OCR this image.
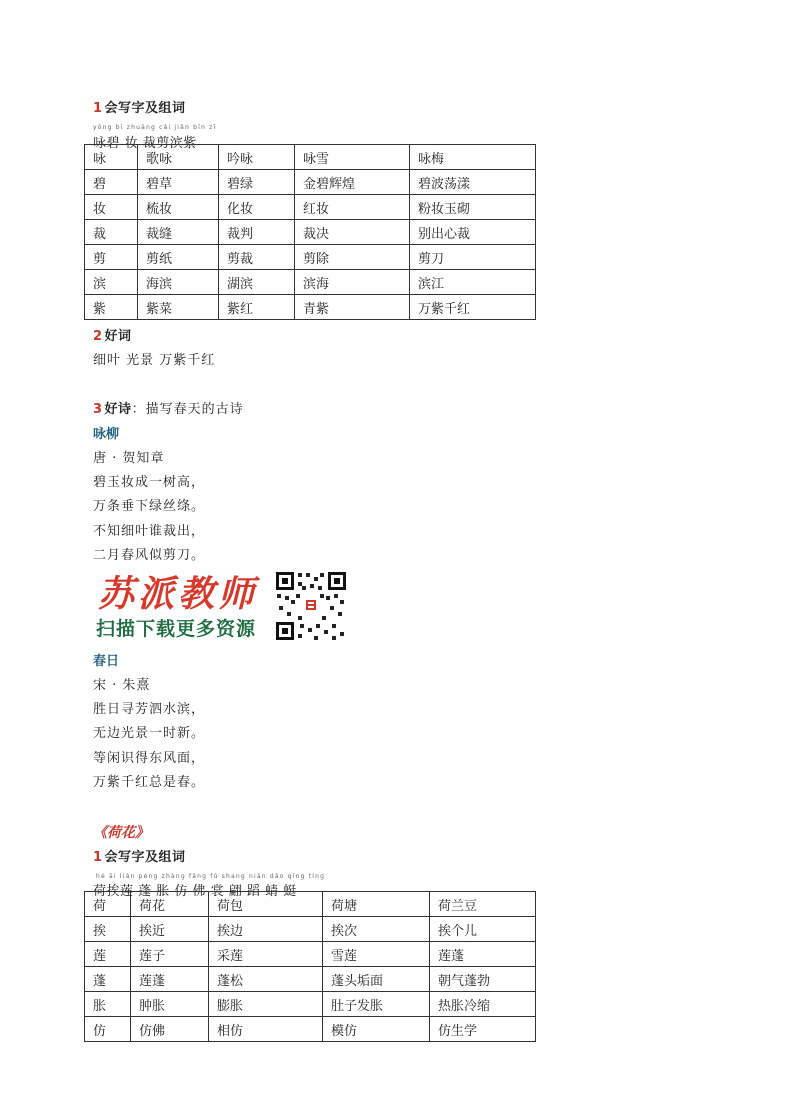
1 会写字及组词
yǒng bì zhuāng cái jiǎn bīn zǐ
咏碧 妆 裁剪滨紫
咏	歌咏	吟咏	咏雪	咏梅
碧	碧草	碧绿	金碧辉煌	碧波荡漾
妆	梳妆	化妆	红妆	粉妆玉砌
裁	裁缝	裁判	裁决	别出心裁
剪	剪纸	剪裁	剪除	剪刀
滨	海滨	湖滨	滨海	滨江
紫	紫菜	紫红	青紫	万紫千红
2 好词
细叶 光景 万紫千红
3 好诗：描写春天的古诗
咏柳
唐 · 贺知章
碧玉妆成一树高，
万条垂下绿丝绦。
不知细叶谁裁出，
二月春风似剪刀。
苏派教师
扫描下载更多资源
春日
宋 · 朱熹
胜日寻芳泗水滨，
无边光景一时新。
等闲识得东风面，
万紫千红总是春。
《荷花》
1 会写字及组词
hé āi lián péng zhàng fǎng fú shang nián dǎo qīng tíng
荷挨莲 蓬 胀 仿 佛 裳 翩 蹈 蜻 蜓
荷	荷花	荷包	荷塘	荷兰豆
挨	挨近	挨边	挨次	挨个儿
莲	莲子	采莲	雪莲	莲蓬
蓬	莲蓬	蓬松	蓬头垢面	朝气蓬勃
胀	肿胀	膨胀	肚子发胀	热胀冷缩
仿	仿佛	相仿	模仿	仿生学
